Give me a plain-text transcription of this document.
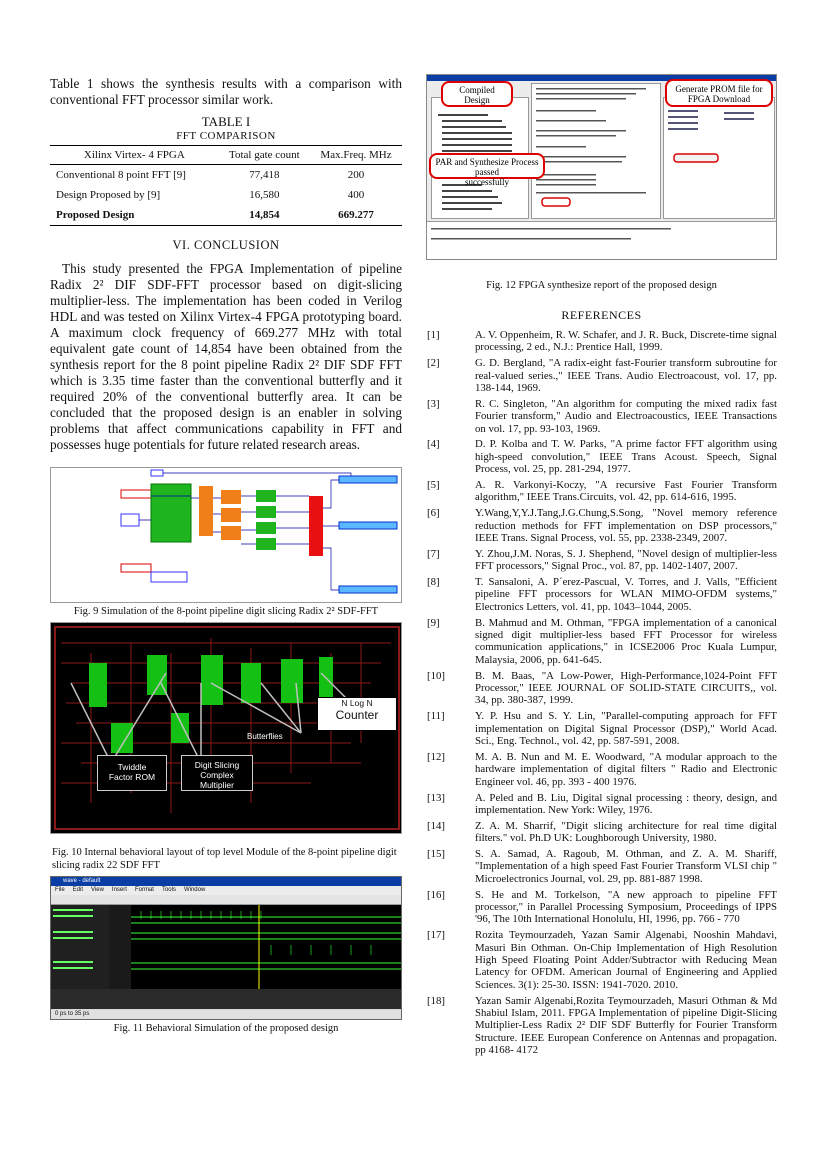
Table 1 shows the synthesis results with a comparison with conventional FFT processor similar work.

TABLE I
FFT COMPARISON
Xilinx Virtex- 4 FPGA	Total gate count	Max.Freq. MHz
Conventional 8 point FFT [9]	77,418	200
Design Proposed by [9]	16,580	400
Proposed Design	14,854	669.277
VI. CONCLUSION

This study presented the FPGA Implementation of pipeline Radix 2² DIF SDF-FFT processor based on digit-slicing multiplier-less. The implementation has been coded in Verilog HDL and was tested on Xilinx Virtex-4 FPGA prototyping board. A maximum clock frequency of 669.277 MHz with total equivalent gate count of 14,854 have been obtained from the synthesis report for the 8 point pipeline Radix 2² DIF SDF FFT which is 3.35 time faster than the conventional butterfly and it required 20% of the conventional butterfly area. It can be concluded that the proposed design is an enabler in solving problems that affect communications capability in FFT and possesses huge potentials for future related research areas.

Fig. 9 Simulation of the 8-point pipeline digit slicing Radix 2² SDF-FFT
N Log N
Counter
Butterflies
Twiddle
Factor ROM
Digit Slicing
Complex
Multiplier
Fig. 10 Internal behavioral layout of top level Module of the 8-point pipeline digit slicing radix 22 SDF FFT
wave - default
File Edit View Insert Format Tools Window
0 ps to 35 ps
Fig. 11 Behavioral Simulation of the proposed design
Compiled
Design
Generate PROM file for
FPGA Download
PAR and Synthesize Process passed
successfully
Fig. 12 FPGA synthesize report of the proposed design
REFERENCES
[1]	A. V. Oppenheim, R. W. Schafer, and J. R. Buck, Discrete-time signal processing, 2 ed., N.J.: Prentice Hall, 1999.
[2]	G. D. Bergland, "A radix-eight fast-Fourier transform subroutine for real-valued series.," IEEE Trans. Audio Electroacoust, vol. 17, pp. 138-144, 1969.
[3]	R. C. Singleton, "An algorithm for computing the mixed radix fast Fourier transform," Audio and Electroacoustics, IEEE Transactions on vol. 17, pp. 93-103, 1969.
[4]	D. P. Kolba and T. W. Parks, "A prime factor FFT algorithm using high-speed convolution," IEEE Trans Acoust. Speech, Signal Process, vol. 25, pp. 281-294, 1977.
[5]	A. R. Varkonyi-Koczy, "A recursive Fast Fourier Transform algorithm," IEEE Trans.Circuits, vol. 42, pp. 614-616, 1995.
[6]	Y.Wang,Y,Y.J.Tang,J.G.Chung,S.Song, "Novel memory reference reduction methods for FFT implementation on DSP processors," IEEE Trans. Signal Process, vol. 55, pp. 2338-2349, 2007.
[7]	Y. Zhou,J.M. Noras, S. J. Shephend, "Novel design of multiplier-less FFT processors," Signal Proc., vol. 87, pp. 1402-1407, 2007.
[8]	T. Sansaloni, A. P´erez-Pascual, V. Torres, and J. Valls, "Efficient pipeline FFT processors for WLAN MIMO-OFDM systems," Electronics Letters, vol. 41, pp. 1043–1044, 2005.
[9]	B. Mahmud and M. Othman, "FPGA implementation of a canonical signed digit multiplier-less based FFT Processor for wireless communication applications," in ICSE2006 Proc Kuala Lumpur, Malaysia, 2006, pp. 641-645.
[10]	B. M. Baas, "A Low-Power, High-Performance,1024-Point FFT Processor," IEEE JOURNAL OF SOLID-STATE CIRCUITS,, vol. 34, pp. 380-387, 1999.
[11]	Y. P. Hsu and S. Y. Lin, "Parallel-computing approach for FFT implementation on Digital Signal Processor (DSP)," World Acad. Sci., Eng. Technol., vol. 42, pp. 587-591, 2008.
[12]	M. A. B. Nun and M. E. Woodward, "A modular approach to the hardware implementation of digital filters " Radio and Electronic Engineer vol. 46, pp. 393 - 400 1976.
[13]	A. Peled and B. Liu, Digital signal processing : theory, design, and implementation. New York: Wiley, 1976.
[14]	Z. A. M. Sharrif, "Digit slicing architecture for real time digital filters." vol. Ph.D UK: Loughborough University, 1980.
[15]	S. A. Samad, A. Ragoub, M. Othman, and Z. A. M. Shariff, "Implementation of a high speed Fast Fourier Transform VLSI chip " Microelectronics Journal, vol. 29, pp. 881-887 1998.
[16]	S. He and M. Torkelson, "A new approach to pipeline FFT processor," in Parallel Processing Symposium, Proceedings of IPPS '96, The 10th International Honolulu, HI, 1996, pp. 766 - 770
[17]	Rozita Teymourzadeh, Yazan Samir Algenabi, Nooshin Mahdavi, Masuri Bin Othman. On-Chip Implementation of High Resolution High Speed Floating Point Adder/Subtractor with Reducing Mean Latency for OFDM. American Journal of Engineering and Applied Sciences. 3(1): 25-30. ISSN: 1941-7020. 2010.
[18]	Yazan Samir Algenabi,Rozita Teymourzadeh, Masuri Othman & Md Shabiul Islam, 2011. FPGA Implementation of pipeline Digit-Slicing Multiplier-Less Radix 2² DIF SDF Butterfly for Fourier Transform Structure. IEEE European Conference on Antennas and propagation. pp 4168- 4172
